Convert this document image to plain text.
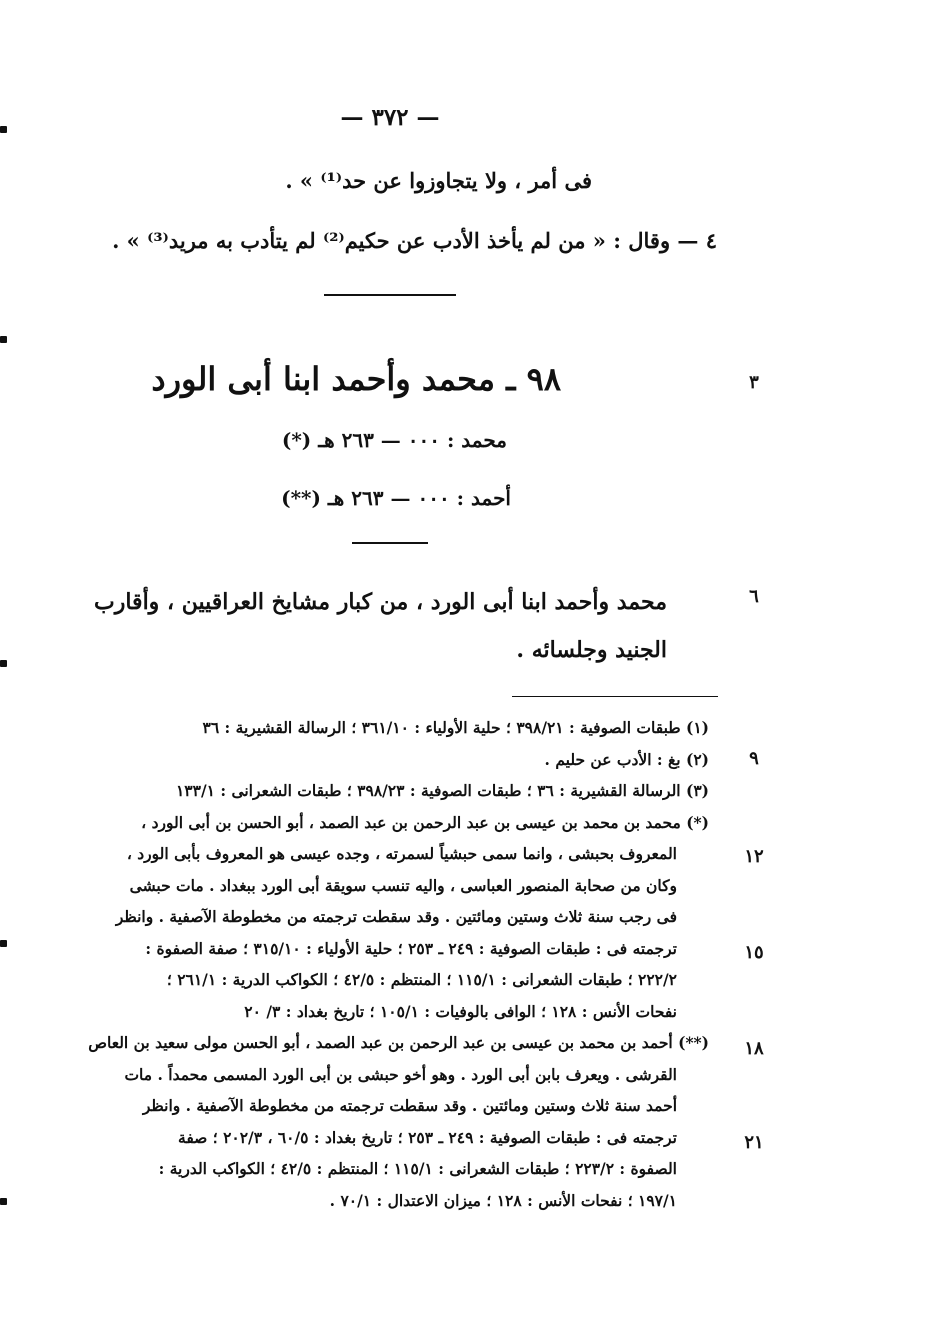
— ٣٧٢ —
فى أمر ، ولا يتجاوزوا عن حد⁽¹⁾ » .
٤ — وقال : « من لم يأخذ الأدب عن حكيم⁽²⁾ لم يتأدب به مريد⁽³⁾ » .
٣
٩٨ ـ محمد وأحمد ابنا أبى الورد
محمد : ٠٠٠ — ٢٦٣ هـ (*)
أحمد : ٠٠٠ — ٢٦٣ هـ (**)
٦
محمد وأحمد ابنا أبى الورد ، من كبار مشايخ العراقيين ، وأقارب الجنيد وجلسائه .
٩
١٢
١٥
١٨
٢١
(١) طبقات الصوفية : ٣٩٨/٢١ ؛ حلية الأولياء : ٣٦١/١٠ ؛ الرسالة القشيرية : ٣٦
(٢) بغ : الأدب عن حليم .
(٣) الرسالة القشيرية : ٣٦ ؛ طبقات الصوفية : ٣٩٨/٢٣ ؛ طبقات الشعرانى : ١٣٣/١
(*) محمد بن محمد بن عيسى بن عبد الرحمن بن عبد الصمد ، أبو الحسن بن أبى الورد ،
المعروف بحبشى ، وانما سمى حبشياً لسمرته ، وجده عيسى هو المعروف بأبى الورد ،
وكان من صحابة المنصور العباسى ، واليه تنسب سويقة أبى الورد ببغداد . مات حبشى
فى رجب سنة ثلاث وستين ومائتين . وقد سقطت ترجمته من مخطوطة الآصفية . وانظر
ترجمته فى : طبقات الصوفية : ٢٤٩ ـ ٢٥٣ ؛ حلية الأولياء : ٣١٥/١٠ ؛ صفة الصفوة :
٢٢٢/٢ ؛ طبقات الشعرانى : ١١٥/١ ؛ المنتظم : ٤٢/٥ ؛ الكواكب الدرية : ٢٦١/١ ؛
نفحات الأنس : ١٢٨ ؛ الوافى بالوفيات : ١٠٥/١ ؛ تاريخ بغداد : ٣/ ٢٠
(**) أحمد بن محمد بن عيسى بن عبد الرحمن بن عبد الصمد ، أبو الحسن مولى سعيد بن العاص
القرشى . ويعرف بابن أبى الورد . وهو أخو حبشى بن أبى الورد المسمى محمداً . مات
أحمد سنة ثلاث وستين ومائتين . وقد سقطت ترجمته من مخطوطة الآصفية . وانظر
ترجمته فى : طبقات الصوفية : ٢٤٩ ـ ٢٥٣ ؛ تاريخ بغداد : ٦٠/٥ ، ٢٠٢/٣ ؛ صفة
الصفوة : ٢٢٣/٢ ؛ طبقات الشعرانى : ١١٥/١ ؛ المنتظم : ٤٢/٥ ؛ الكواكب الدرية :
١٩٧/١ ؛ نفحات الأنس : ١٢٨ ؛ ميزان الاعتدال : ٧٠/١ .
